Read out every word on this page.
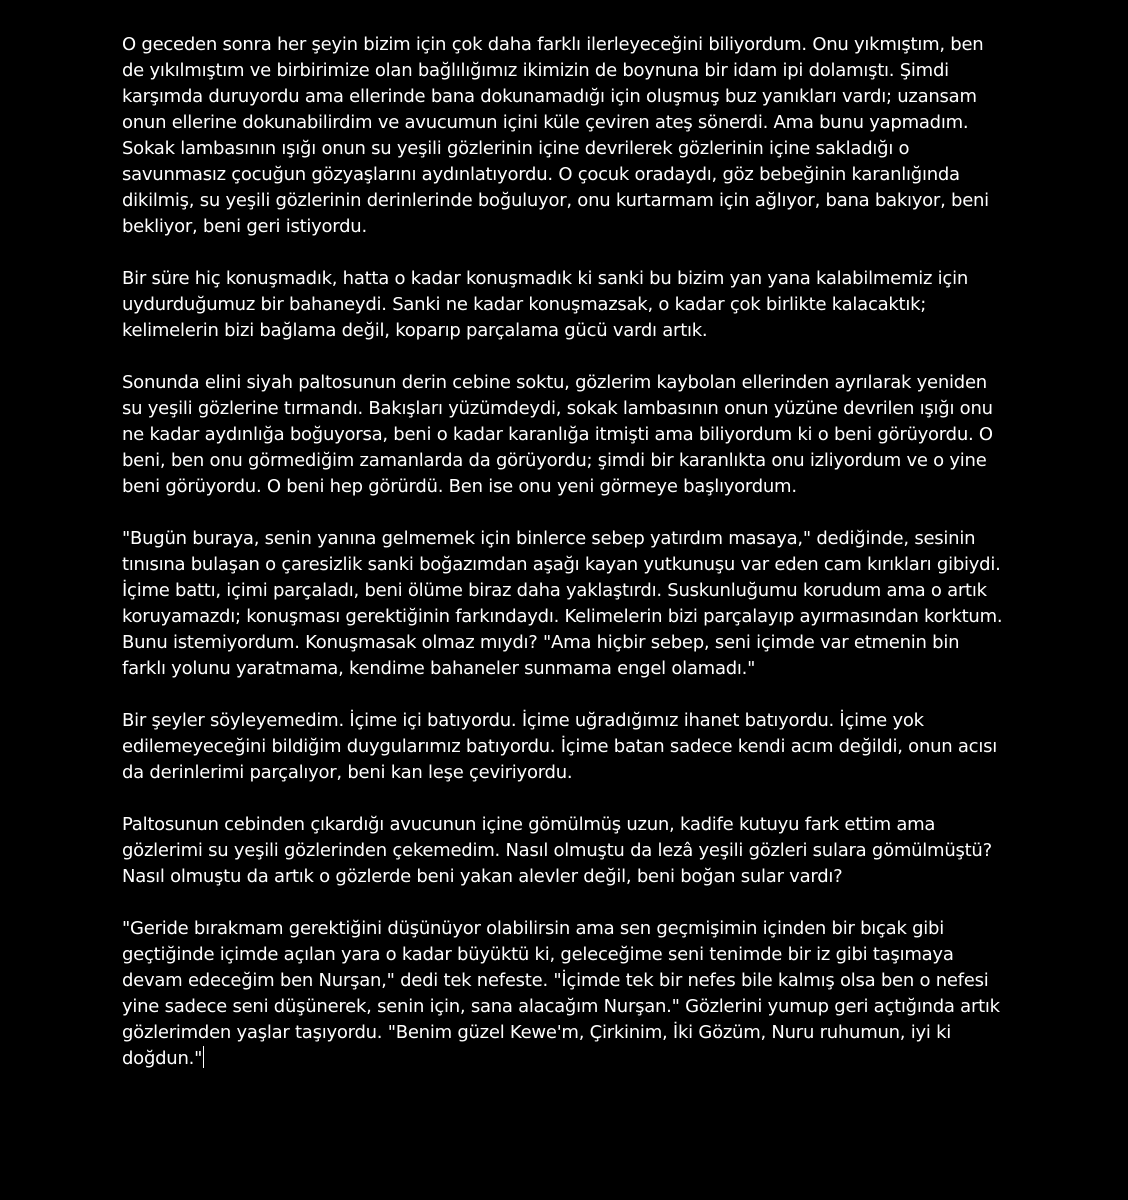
O geceden sonra her şeyin bizim için çok daha farklı ilerleyeceğini biliyordum. Onu yıkmıştım, ben de yıkılmıştım ve birbirimize olan bağlılığımız ikimizin de boynuna bir idam ipi dolamıştı. Şimdi karşımda duruyordu ama ellerinde bana dokunamadığı için oluşmuş buz yanıkları vardı; uzansam onun ellerine dokunabilirdim ve avucumun içini küle çeviren ateş sönerdi. Ama bunu yapmadım. Sokak lambasının ışığı onun su yeşili gözlerinin içine devrilerek gözlerinin içine sakladığı o savunmasız çocuğun gözyaşlarını aydınlatıyordu. O çocuk oradaydı, göz bebeğinin karanlığında dikilmiş, su yeşili gözlerinin derinlerinde boğuluyor, onu kurtarmam için ağlıyor, bana bakıyor, beni bekliyor, beni geri istiyordu.

Bir süre hiç konuşmadık, hatta o kadar konuşmadık ki sanki bu bizim yan yana kalabilmemiz için uydurduğumuz bir bahaneydi. Sanki ne kadar konuşmazsak, o kadar çok birlikte kalacaktık; kelimelerin bizi bağlama değil, koparıp parçalama gücü vardı artık.

Sonunda elini siyah paltosunun derin cebine soktu, gözlerim kaybolan ellerinden ayrılarak yeniden su yeşili gözlerine tırmandı. Bakışları yüzümdeydi, sokak lambasının onun yüzüne devrilen ışığı onu ne kadar aydınlığa boğuyorsa, beni o kadar karanlığa itmişti ama biliyordum ki o beni görüyordu. O beni, ben onu görmediğim zamanlarda da görüyordu; şimdi bir karanlıkta onu izliyordum ve o yine beni görüyordu. O beni hep görürdü. Ben ise onu yeni görmeye başlıyordum.

"Bugün buraya, senin yanına gelmemek için binlerce sebep yatırdım masaya," dediğinde, sesinin tınısına bulaşan o çaresizlik sanki boğazımdan aşağı kayan yutkunuşu var eden cam kırıkları gibiydi. İçime battı, içimi parçaladı, beni ölüme biraz daha yaklaştırdı. Suskunluğumu korudum ama o artık koruyamazdı; konuşması gerektiğinin farkındaydı. Kelimelerin bizi parçalayıp ayırmasından korktum. Bunu istemiyordum. Konuşmasak olmaz mıydı? "Ama hiçbir sebep, seni içimde var etmenin bin farklı yolunu yaratmama, kendime bahaneler sunmama engel olamadı."

Bir şeyler söyleyemedim. İçime içi batıyordu. İçime uğradığımız ihanet batıyordu. İçime yok edilemeyeceğini bildiğim duygularımız batıyordu. İçime batan sadece kendi acım değildi, onun acısı da derinlerimi parçalıyor, beni kan leşe çeviriyordu.

Paltosunun cebinden çıkardığı avucunun içine gömülmüş uzun, kadife kutuyu fark ettim ama gözlerimi su yeşili gözlerinden çekemedim. Nasıl olmuştu da lezâ yeşili gözleri sulara gömülmüştü? Nasıl olmuştu da artık o gözlerde beni yakan alevler değil, beni boğan sular vardı?

"Geride bırakmam gerektiğini düşünüyor olabilirsin ama sen geçmişimin içinden bir bıçak gibi geçtiğinde içimde açılan yara o kadar büyüktü ki, geleceğime seni tenimde bir iz gibi taşımaya devam edeceğim ben Nurşan," dedi tek nefeste. "İçimde tek bir nefes bile kalmış olsa ben o nefesi yine sadece seni düşünerek, senin için, sana alacağım Nurşan." Gözlerini yumup geri açtığında artık gözlerimden yaşlar taşıyordu. "Benim güzel Kewe'm, Çirkinim, İki Gözüm, Nuru ruhumun, iyi ki doğdun."
